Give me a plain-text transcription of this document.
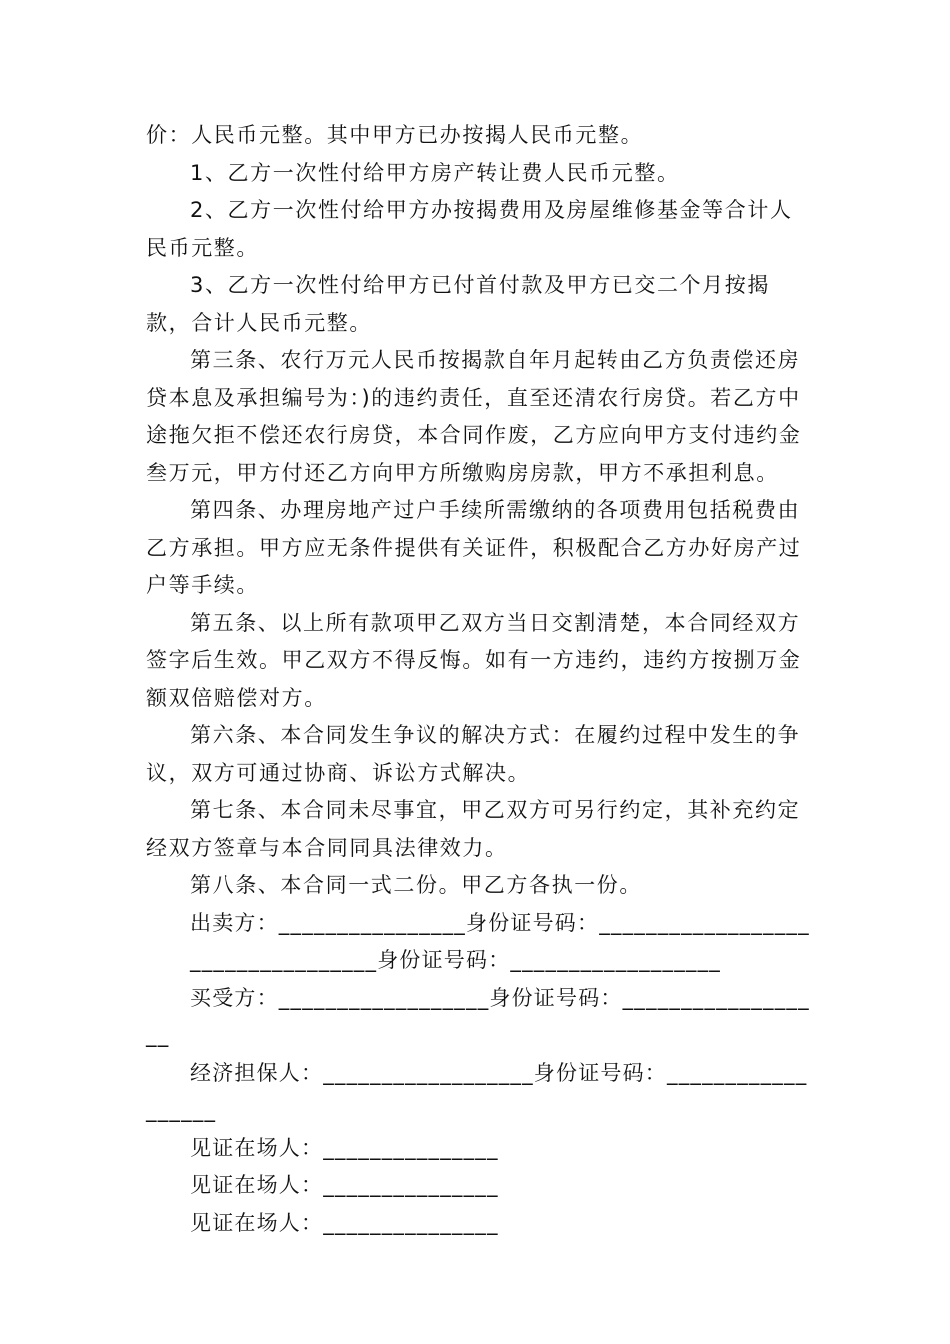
价：人民币元整。其中甲方已办按揭人民币元整。

1、乙方一次性付给甲方房产转让费人民币元整。

2、乙方一次性付给甲方办按揭费用及房屋维修基金等合计人民币元整。

3、乙方一次性付给甲方已付首付款及甲方已交二个月按揭款，合计人民币元整。

第三条、农行万元人民币按揭款自年月起转由乙方负责偿还房贷本息及承担编号为：)的违约责任，直至还清农行房贷。若乙方中途拖欠拒不偿还农行房贷，本合同作废，乙方应向甲方支付违约金叁万元，甲方付还乙方向甲方所缴购房房款，甲方不承担利息。

第四条、办理房地产过户手续所需缴纳的各项费用包括税费由乙方承担。甲方应无条件提供有关证件，积极配合乙方办好房产过户等手续。

第五条、以上所有款项甲乙双方当日交割清楚，本合同经双方签字后生效。甲乙双方不得反悔。如有一方违约，违约方按捌万金额双倍赔偿对方。

第六条、本合同发生争议的解决方式：在履约过程中发生的争议，双方可通过协商、诉讼方式解决。

第七条、本合同未尽事宜，甲乙双方可另行约定，其补充约定经双方签章与本合同同具法律效力。

第八条、本合同一式二份。甲乙方各执一份。

出卖方：________________身份证号码：__________________

________________身份证号码：__________________

买受方：__________________身份证号码：__________________

经济担保人：__________________身份证号码：__________________

见证在场人：_______________

见证在场人：_______________

见证在场人：_______________
